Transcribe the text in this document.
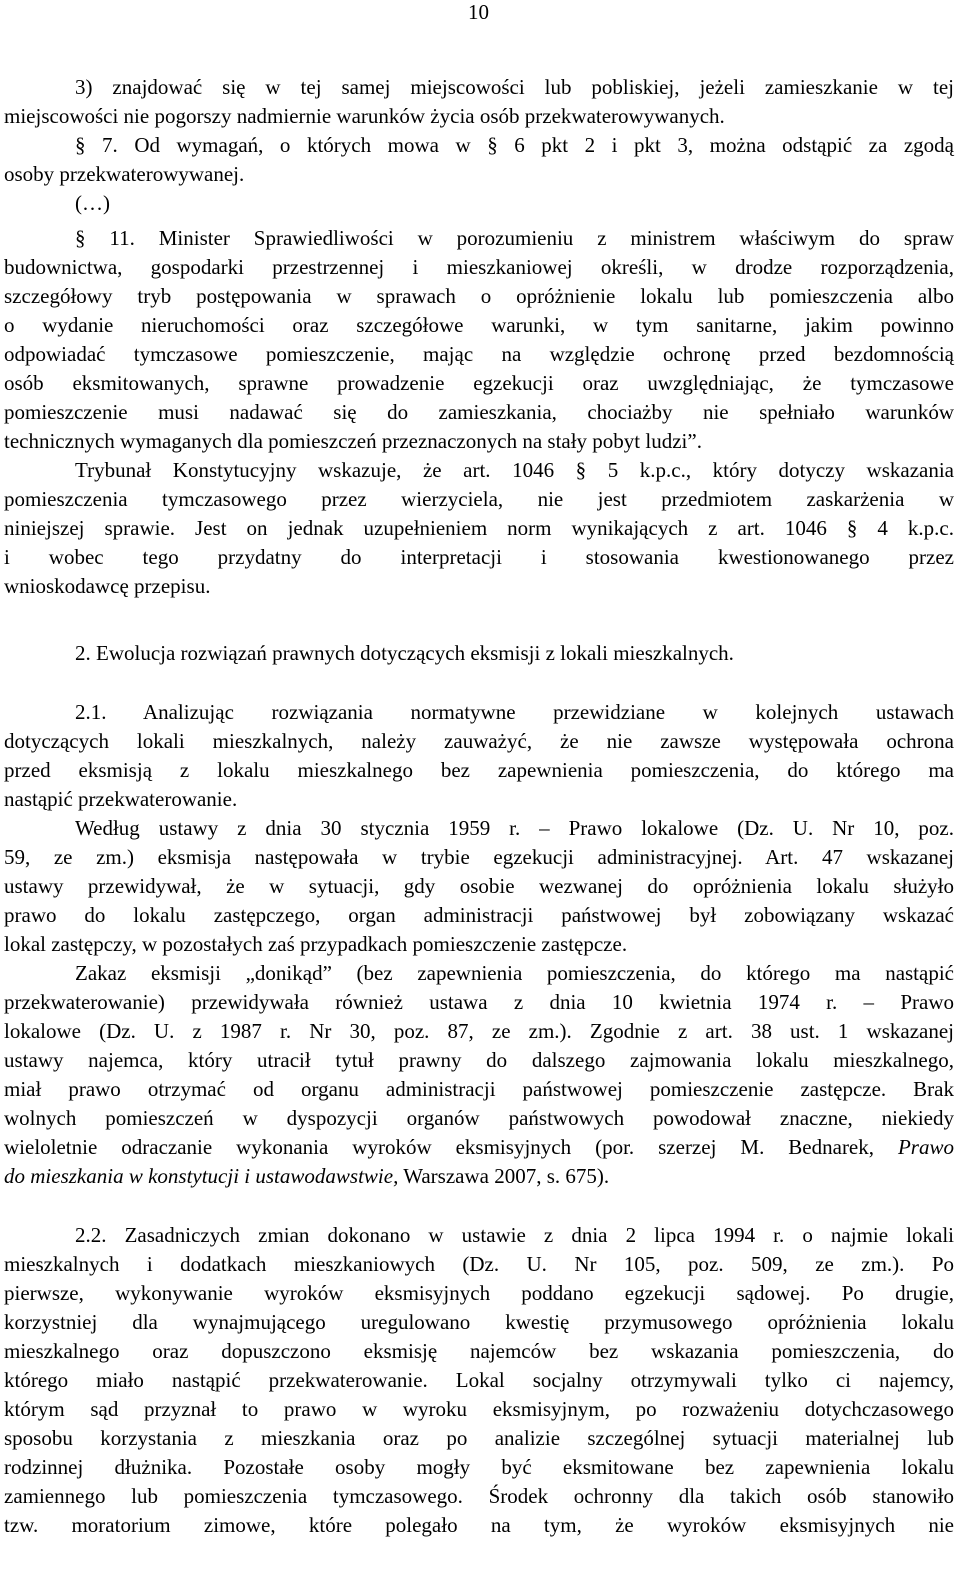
10
3) znajdować się w tej samej miejscowości lub pobliskiej, jeżeli zamieszkanie w tej
miejscowości nie pogorszy nadmiernie warunków życia osób przekwaterowywanych.
§ 7. Od wymagań, o których mowa w § 6 pkt 2 i pkt 3, można odstąpić za zgodą
osoby przekwaterowywanej.
(…)
§ 11. Minister Sprawiedliwości w porozumieniu z ministrem właściwym do spraw
budownictwa, gospodarki przestrzennej i mieszkaniowej określi, w drodze rozporządzenia,
szczegółowy tryb postępowania w sprawach o opróżnienie lokalu lub pomieszczenia albo
o wydanie nieruchomości oraz szczegółowe warunki, w tym sanitarne, jakim powinno
odpowiadać tymczasowe pomieszczenie, mając na względzie ochronę przed bezdomnością
osób eksmitowanych, sprawne prowadzenie egzekucji oraz uwzględniając, że tymczasowe
pomieszczenie musi nadawać się do zamieszkania, chociażby nie spełniało warunków
technicznych wymaganych dla pomieszczeń przeznaczonych na stały pobyt ludzi”.
Trybunał Konstytucyjny wskazuje, że art. 1046 § 5 k.p.c., który dotyczy wskazania
pomieszczenia tymczasowego przez wierzyciela, nie jest przedmiotem zaskarżenia w
niniejszej sprawie. Jest on jednak uzupełnieniem norm wynikających z art. 1046 § 4 k.p.c.
i wobec tego przydatny do interpretacji i stosowania kwestionowanego przez
wnioskodawcę przepisu.
2. Ewolucja rozwiązań prawnych dotyczących eksmisji z lokali mieszkalnych.
2.1. Analizując rozwiązania normatywne przewidziane w kolejnych ustawach
dotyczących lokali mieszkalnych, należy zauważyć, że nie zawsze występowała ochrona
przed eksmisją z lokalu mieszkalnego bez zapewnienia pomieszczenia, do którego ma
nastąpić przekwaterowanie.
Według ustawy z dnia 30 stycznia 1959 r. – Prawo lokalowe (Dz. U. Nr 10, poz.
59, ze zm.) eksmisja następowała w trybie egzekucji administracyjnej. Art. 47 wskazanej
ustawy przewidywał, że w sytuacji, gdy osobie wezwanej do opróżnienia lokalu służyło
prawo do lokalu zastępczego, organ administracji państwowej był zobowiązany wskazać
lokal zastępczy, w pozostałych zaś przypadkach pomieszczenie zastępcze.
Zakaz eksmisji „donikąd” (bez zapewnienia pomieszczenia, do którego ma nastąpić
przekwaterowanie) przewidywała również ustawa z dnia 10 kwietnia 1974 r. – Prawo
lokalowe (Dz. U. z 1987 r. Nr 30, poz. 87, ze zm.). Zgodnie z art. 38 ust. 1 wskazanej
ustawy najemca, który utracił tytuł prawny do dalszego zajmowania lokalu mieszkalnego,
miał prawo otrzymać od organu administracji państwowej pomieszczenie zastępcze. Brak
wolnych pomieszczeń w dyspozycji organów państwowych powodował znaczne, niekiedy
wieloletnie odraczanie wykonania wyroków eksmisyjnych (por. szerzej M. Bednarek, Prawo
do mieszkania w konstytucji i ustawodawstwie, Warszawa 2007, s. 675).
2.2. Zasadniczych zmian dokonano w ustawie z dnia 2 lipca 1994 r. o najmie lokali
mieszkalnych i dodatkach mieszkaniowych (Dz. U. Nr 105, poz. 509, ze zm.). Po
pierwsze, wykonywanie wyroków eksmisyjnych poddano egzekucji sądowej. Po drugie,
korzystniej dla wynajmującego uregulowano kwestię przymusowego opróżnienia lokalu
mieszkalnego oraz dopuszczono eksmisję najemców bez wskazania pomieszczenia, do
którego miało nastąpić przekwaterowanie. Lokal socjalny otrzymywali tylko ci najemcy,
którym sąd przyznał to prawo w wyroku eksmisyjnym, po rozważeniu dotychczasowego
sposobu korzystania z mieszkania oraz po analizie szczególnej sytuacji materialnej lub
rodzinnej dłużnika. Pozostałe osoby mogły być eksmitowane bez zapewnienia lokalu
zamiennego lub pomieszczenia tymczasowego. Środek ochronny dla takich osób stanowiło
tzw. moratorium zimowe, które polegało na tym, że wyroków eksmisyjnych nie
